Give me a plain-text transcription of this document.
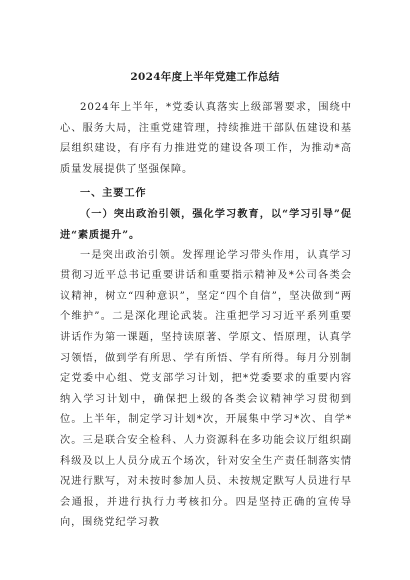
2024年度上半年党建工作总结

2024年上半年，*党委认真落实上级部署要求，围绕中心、服务大局，注重党建管理，持续推进干部队伍建设和基层组织建设，有序有力推进党的建设各项工作，为推动*高质量发展提供了坚强保障。

一、主要工作

（一）突出政治引领，强化学习教育，以“学习引导”促进“素质提升”。

一是突出政治引领。发挥理论学习带头作用，认真学习贯彻习近平总书记重要讲话和重要指示精神及*公司各类会议精神，树立“四种意识”，坚定“四个自信”，坚决做到“两个维护”。二是深化理论武装。注重把学习习近平系列重要讲话作为第一课题，坚持读原著、学原文、悟原理，认真学习领悟，做到学有所思、学有所悟、学有所得。每月分别制定党委中心组、党支部学习计划，把*党委要求的重要内容纳入学习计划中，确保把上级的各类会议精神学习贯彻到位。上半年，制定学习计划*次，开展集中学习*次、自学*次。三是联合安全检科、人力资源科在多功能会议厅组织副科级及以上人员分成五个场次，针对安全生产责任制落实情况进行默写，对未按时参加人员、未按规定默写人员进行早会通报，并进行执行力考核扣分。四是坚持正确的宣传导向，围绕党纪学习教
